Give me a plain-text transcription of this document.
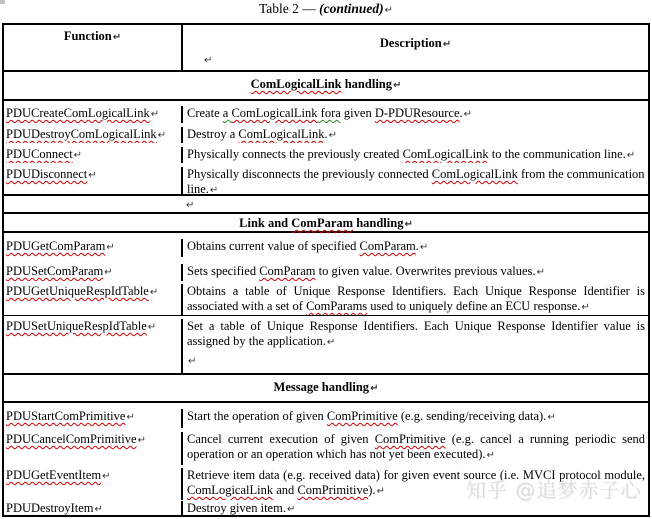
Table 2 — (continued)↵
Function↵	Description↵

↵

ComLogicalLink handling↵

PDUCreateComLogicalLink↵	Create a ComLogicalLink fora given D-PDUResource.↵

PDUDestroyComLogicalLink↵	Destroy a ComLogicalLink.↵

PDUConnect↵	Physically connects the previously created ComLogicalLink to the communication line.↵

PDUDisconnect↵	Physically disconnects the previously connected ComLogicalLink from the communication line.↵

↵
Link and ComParam handling↵

PDUGetComParam↵	Obtains current value of specified ComParam.↵

PDUSetComParam↵	Sets specified ComParam to given value. Overwrites previous values.↵

PDUGetUniqueRespIdTable↵	Obtains a table of Unique Response Identifiers. Each Unique Response Identifier is associated with a set of ComParams used to uniquely define an ECU response.↵

PDUSetUniqueRespIdTable↵	Set a table of Unique Response Identifiers. Each Unique Response Identifier value is assigned by the application.↵

↵

Message handling↵

PDUStartComPrimitive↵	Start the operation of given ComPrimitive (e.g. sending/receiving data).↵

PDUCancelComPrimitive↵	Cancel current execution of given ComPrimitive (e.g. cancel a running periodic send operation or an operation which has not yet been executed).↵

PDUGetEventItem↵	Retrieve item data (e.g. received data) for given event source (i.e. MVCI protocol module, ComLogicalLink and ComPrimitive).↵

PDUDestroyItem↵	Destroy given item.↵

知乎 @追梦赤子心
